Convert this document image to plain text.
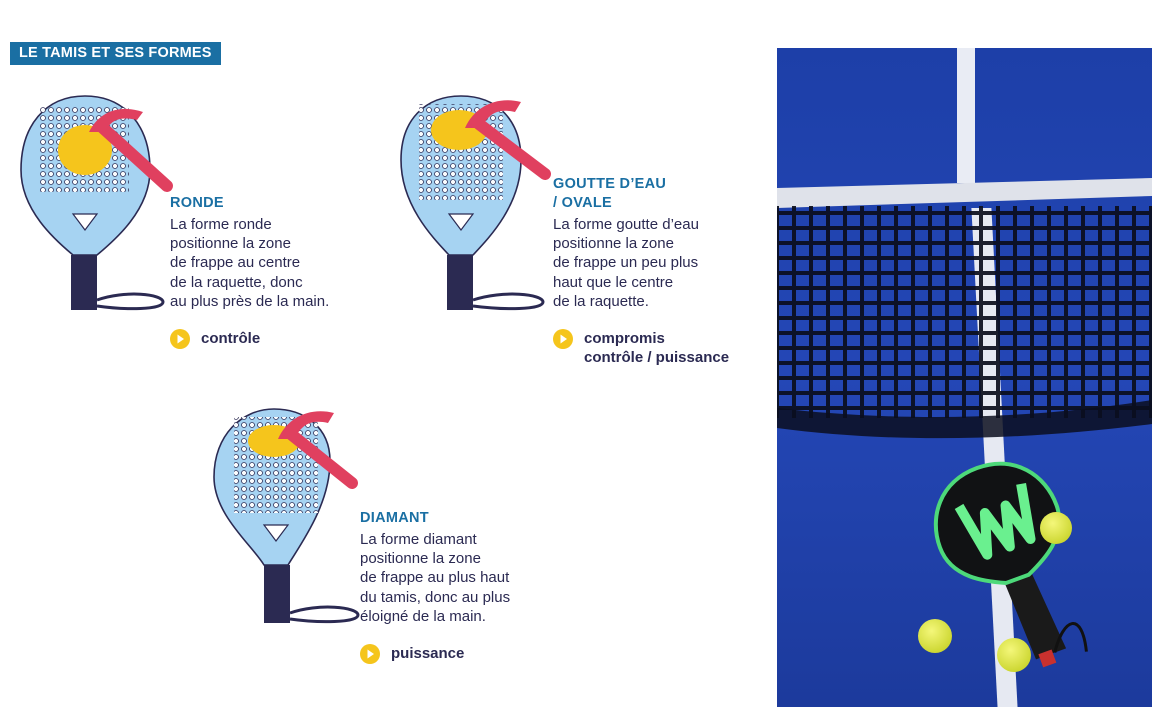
LE TAMIS ET SES FORMES
RONDE
La forme ronde
positionne la zone
de frappe au centre
de la raquette, donc
au plus près de la main.
contrôle
GOUTTE D’EAU
/ OVALE
La forme goutte d’eau
positionne la zone
de frappe un peu plus
haut que le centre
de la raquette.
compromis
contrôle / puissance
DIAMANT
La forme diamant
positionne la zone
de frappe au plus haut
du tamis, donc au plus
éloigné de la main.
puissance
